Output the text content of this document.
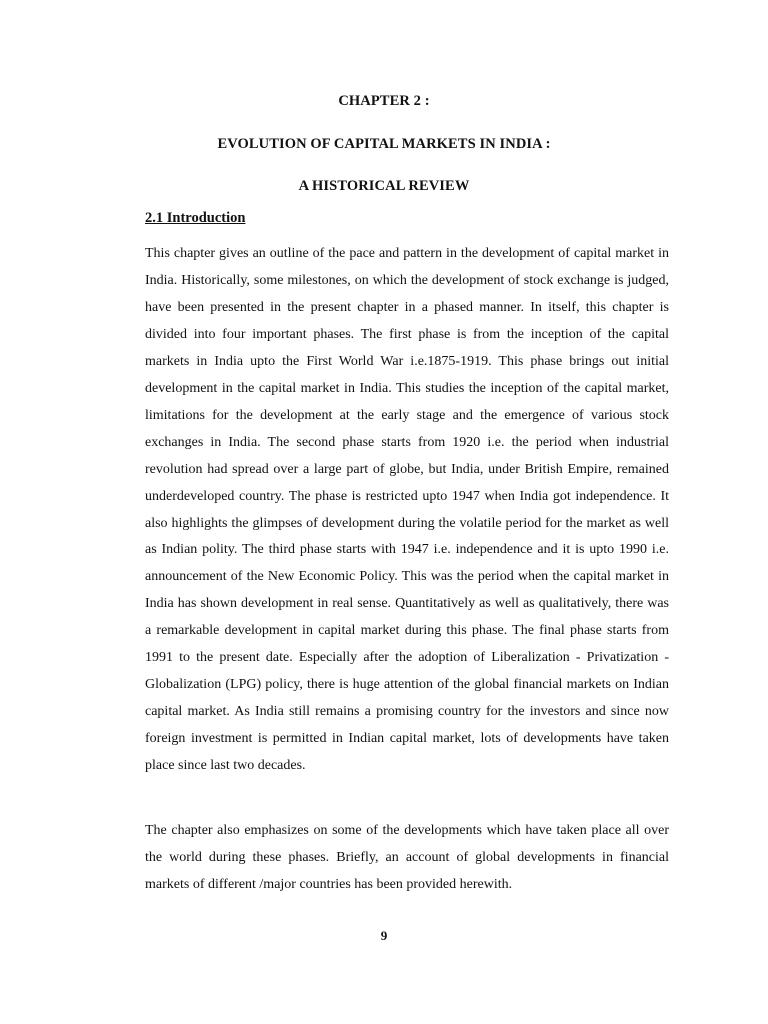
CHAPTER 2 :

EVOLUTION OF CAPITAL MARKETS IN INDIA :

A HISTORICAL REVIEW

2.1 Introduction

This chapter gives an outline of the pace and pattern in the development of capital market in India. Historically, some milestones, on which the development of stock exchange is judged, have been presented in the present chapter in a phased manner. In itself, this chapter is divided into four important phases. The first phase is from the inception of the capital markets in India upto the First World War i.e.1875-1919. This phase brings out initial development in the capital market in India. This studies the inception of the capital market, limitations for the development at the early stage and the emergence of various stock exchanges in India. The second phase starts from 1920 i.e. the period when industrial revolution had spread over a large part of globe, but India, under British Empire, remained underdeveloped country. The phase is restricted upto 1947 when India got independence. It also highlights the glimpses of development during the volatile period for the market as well as Indian polity. The third phase starts with 1947 i.e. independence and it is upto 1990 i.e. announcement of the New Economic Policy. This was the period when the capital market in India has shown development in real sense. Quantitatively as well as qualitatively, there was a remarkable development in capital market during this phase. The final phase starts from 1991 to the present date. Especially after the adoption of Liberalization - Privatization - Globalization (LPG) policy, there is huge attention of the global financial markets on Indian capital market. As India still remains a promising country for the investors and since now foreign investment is permitted in Indian capital market, lots of developments have taken place since last two decades.

The chapter also emphasizes on some of the developments which have taken place all over the world during these phases. Briefly, an account of global developments in financial markets of different /major countries has been provided herewith.

9
